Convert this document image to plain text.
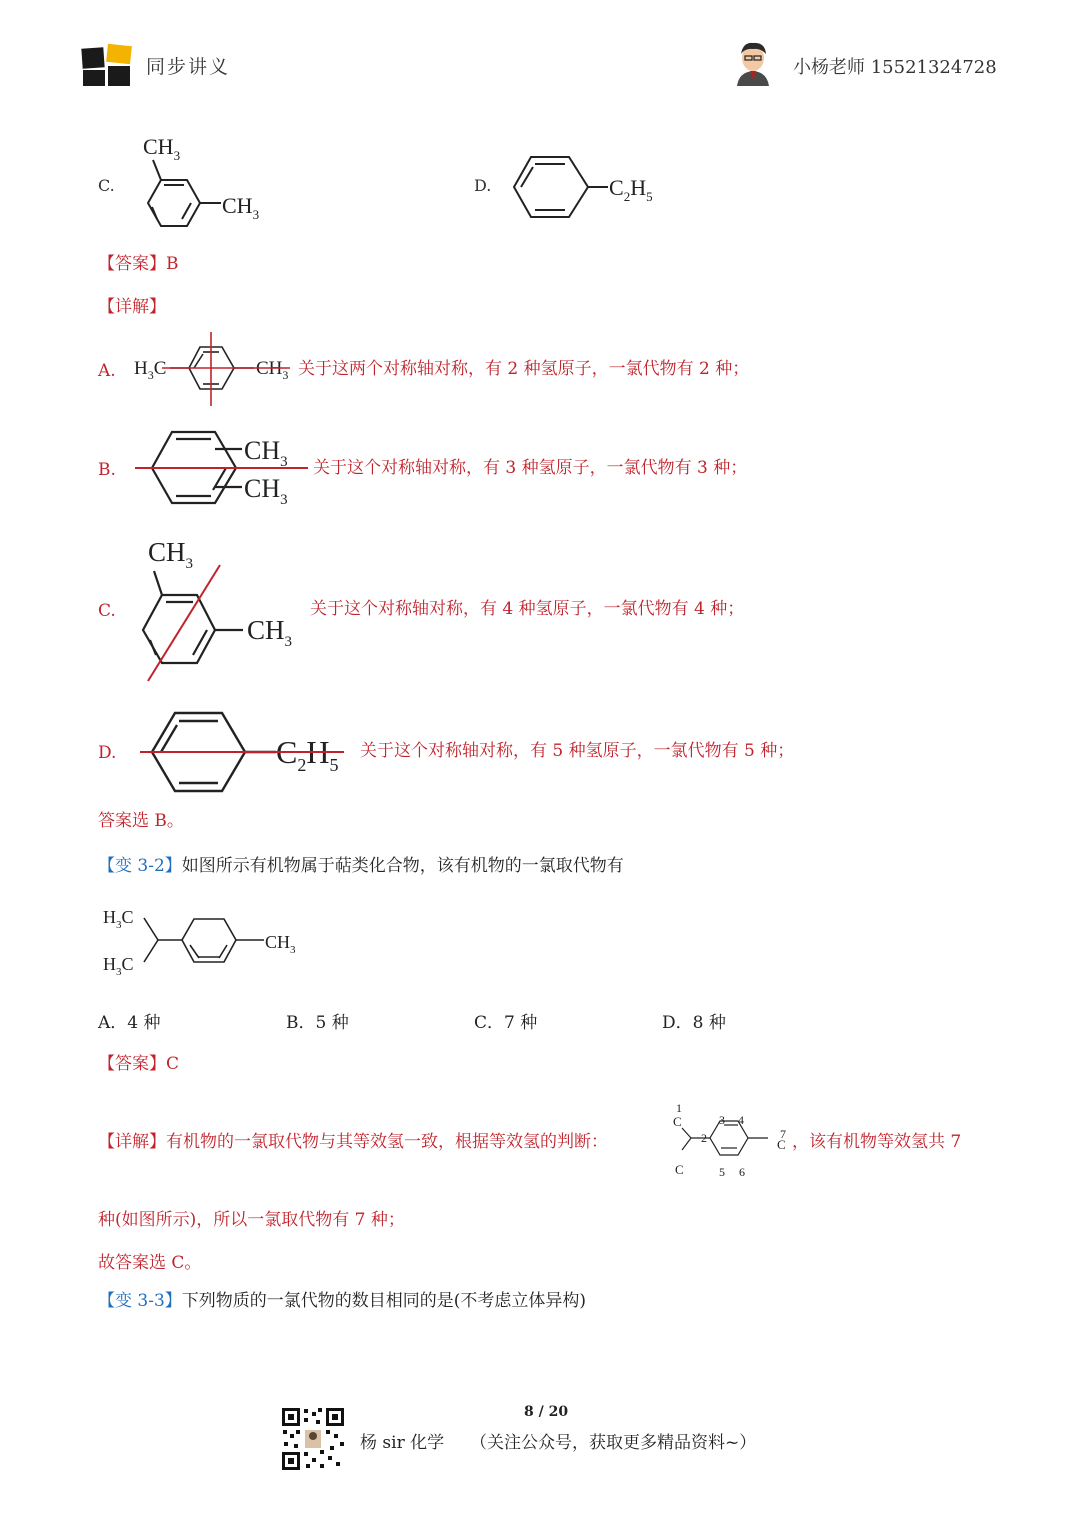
同步讲义	小杨老师 15521324728
C.
$CH_3$
$CH_3$
D.	$C_2H_5$
【答案】B
【详解】
A. $H_3C$	$CH_3$ 关于这两个对称轴对称，有 2 种氢原子，一氯代物有 2 种；
B.
$CH_3$
$CH_3$
关于这个对称轴对称，有 3 种氢原子，一氯代物有 3 种；
C.
$CH_3$
$CH_3$
关于这个对称轴对称，有 4 种氢原子，一氯代物有 4 种；
D.	$C_2H_5$
关于这个对称轴对称，有 5 种氢原子，一氯代物有 5 种；
答案选 B。
【变 3-2】如图所示有机物属于萜类化合物，该有机物的一氯取代物有
$H_3C$
$H_3C$
$CH_3$
A．4 种	B．5 种	C．7 种	D．8 种
【答案】C
【详解】有机物的一氯取代物与其等效氢一致，根据等效氢的判断：
C
C
C
1
2
3 4
5 6
7 ，该有机物等效氢共 7
种(如图所示)，所以一氯取代物有 7 种；
故答案选 C。
【变 3-3】下列物质的一氯代物的数目相同的是(不考虑立体异构)
8 / 20
杨 sir 化学 （关注公众号，获取更多精品资料~）
